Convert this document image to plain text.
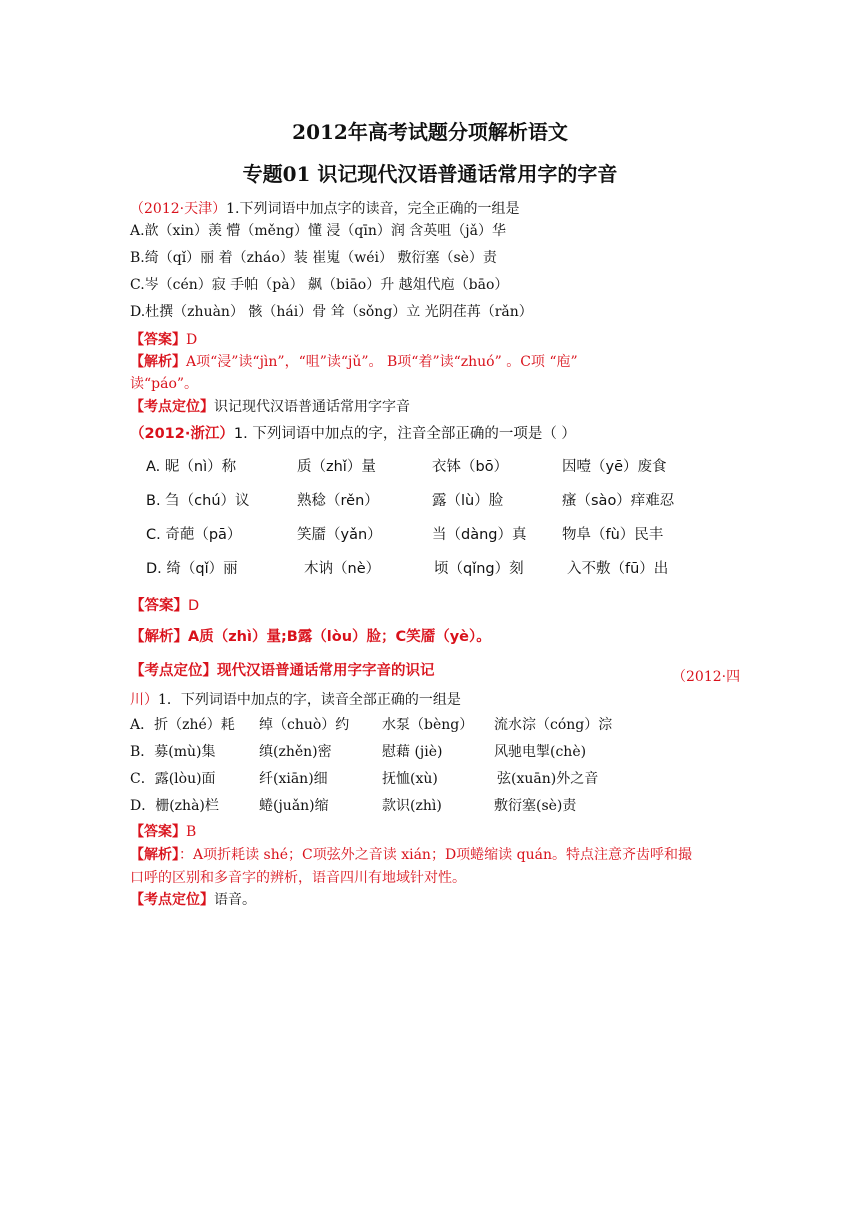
2012年高考试题分项解析语文
专题01 识记现代汉语普通话常用字的字音
（2012·天津）1.下列词语中加点字的读音，完全正确的一组是
A.歆（xin）羡 懵（měng）懂 浸（qīn）润 含英咀（jǎ）华
B.绮（qǐ）丽 着（zháo）装 崔嵬（wéi） 敷衍塞（sè）责
C.岑（cén）寂 手帕（pà） 飙（biāo）升 越俎代庖（bāo）
D.杜撰（zhuàn） 骸（hái）骨 耸（sǒng）立 光阴荏苒（rǎn）
【答案】D
【解析】A项“浸”读“jìn”，“咀”读“jǔ”。 B项“着”读“zhuó” 。C项 “庖”
读“páo”。
【考点定位】识记现代汉语普通话常用字字音
（2012·浙江）1. 下列词语中加点的字，注音全部正确的一项是（ ）
A. 昵（nì）称	质（zhǐ）量	衣钵（bō）	因噎（yē）废食
B. 刍（chú）议	熟稔（rěn）	露（lù）脸	瘙（sào）痒难忍
C. 奇葩（pā）	笑靥（yǎn）	当（dàng）真 物阜（fù）民丰
D. 绮（qǐ）丽	木讷（nè）	顷（qǐng）刻	入不敷（fū）出
【答案】D
【解析】A质（zhì）量;B露（lòu）脸；C笑靥（yè）。
【考点定位】现代汉语普通话常用字字音的识记	（2012·四
川）1．下列词语中加点的字，读音全部正确的一组是
A．折（zhé）耗 绰（chuò）约 水泵（bèng） 流水淙（cóng）淙
B．募(mù)集	缜(zhěn)密	慰藉 (jiè)	风驰电掣(chè)
C．露(lòu)面	纤(xiān)细	抚恤(xù)	弦(xuān)外之音
D．栅(zhà)栏	蜷(juǎn)缩	款识(zhì)	敷衍塞(sè)责
【答案】B
【解析】：A项折耗读 shé；C项弦外之音读 xián；D项蜷缩读 quán。特点注意齐齿呼和撮
口呼的区别和多音字的辨析，语音四川有地域针对性。
【考点定位】语音。
